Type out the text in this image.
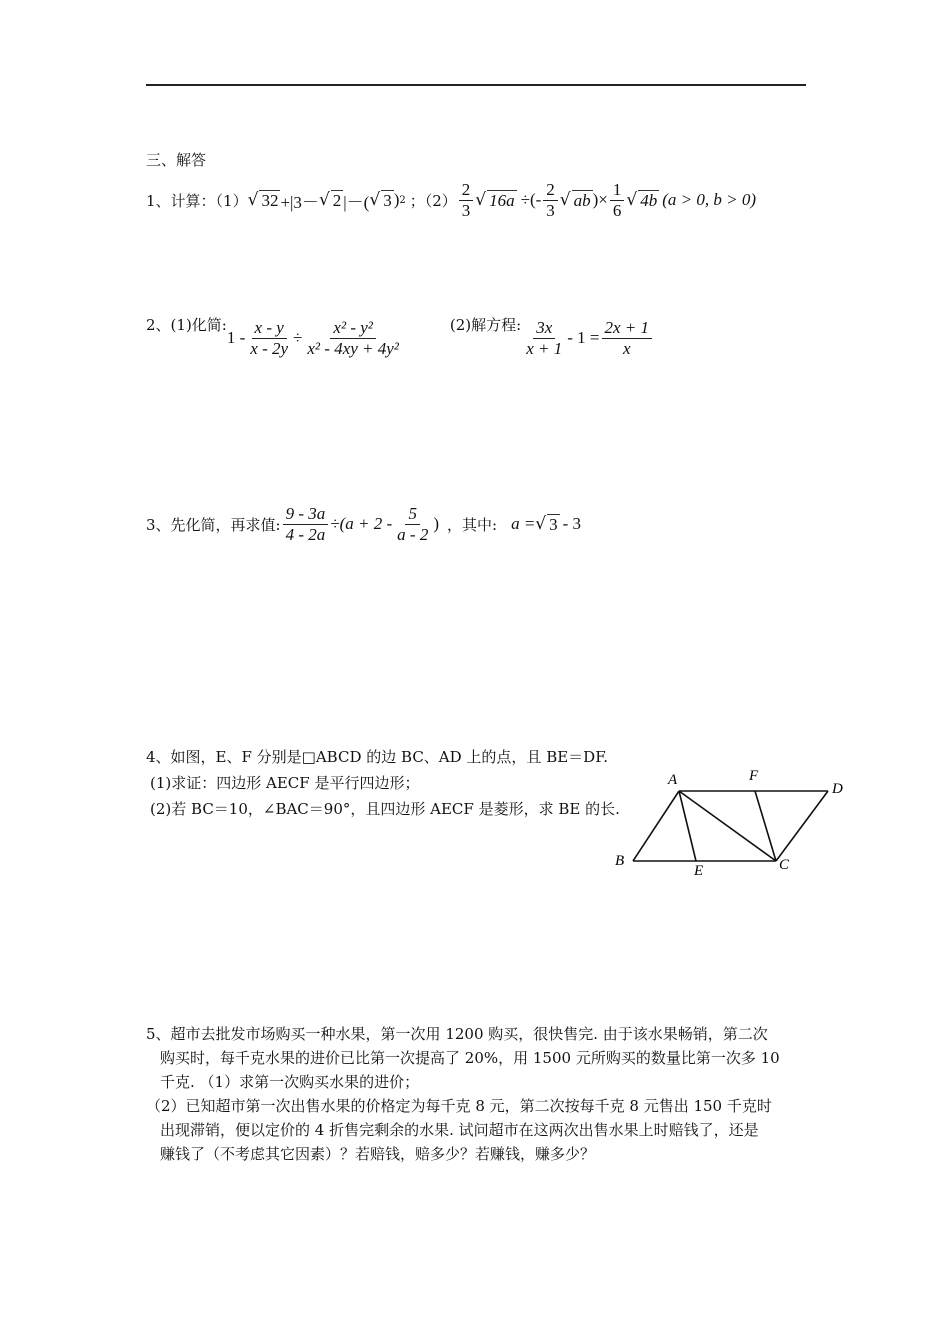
三、解答
1、计算：（1） √ 32 +|3－ √ 2 |－( √ 3 ) 2 ；$(2) \frac{2}{3}$ √ 16a ÷(- $\frac{2}{3}$ √ ab )× $\frac{1}{6}$ √ 4b (a > 0, b > 0)
2、(1)化简:
$1 - \frac{x - y}{x - 2y} \div \frac{\text{x² - y²}}{\text{x² - 4xy + 4y²}}$	(2)解方程: $\frac{3x}{x + 1} - 1 = \frac{2x + 1}{x}$
3、先化简，再求值: $\frac{9 - 3a}{4 - 2a} \div(a + 2 - \frac{5}{a - 2}$ ) ，其中: a = √ 3 - 3
4、如图，E、F 分别是□ABCD 的边 BC、AD 上的点，且 BE＝DF.
(1)求证：四边形 AECF 是平行四边形；
(2)若 BC＝10，∠BAC＝90°，且四边形 AECF 是菱形，求 BE 的长.
A	F
D
B
E	C
5、超市去批发市场购买一种水果，第一次用 1200 购买，很快售完. 由于该水果畅销，第二次
购买时，每千克水果的进价已比第一次提高了 20%，用 1500 元所购买的数量比第一次多 10
千克. （1）求第一次购买水果的进价；
（2）已知超市第一次出售水果的价格定为每千克 8 元，第二次按每千克 8 元售出 150 千克时
出现滞销，便以定价的 4 折售完剩余的水果. 试问超市在这两次出售水果上时赔钱了，还是
赚钱了（不考虑其它因素）？若赔钱，赔多少？若赚钱，赚多少？
